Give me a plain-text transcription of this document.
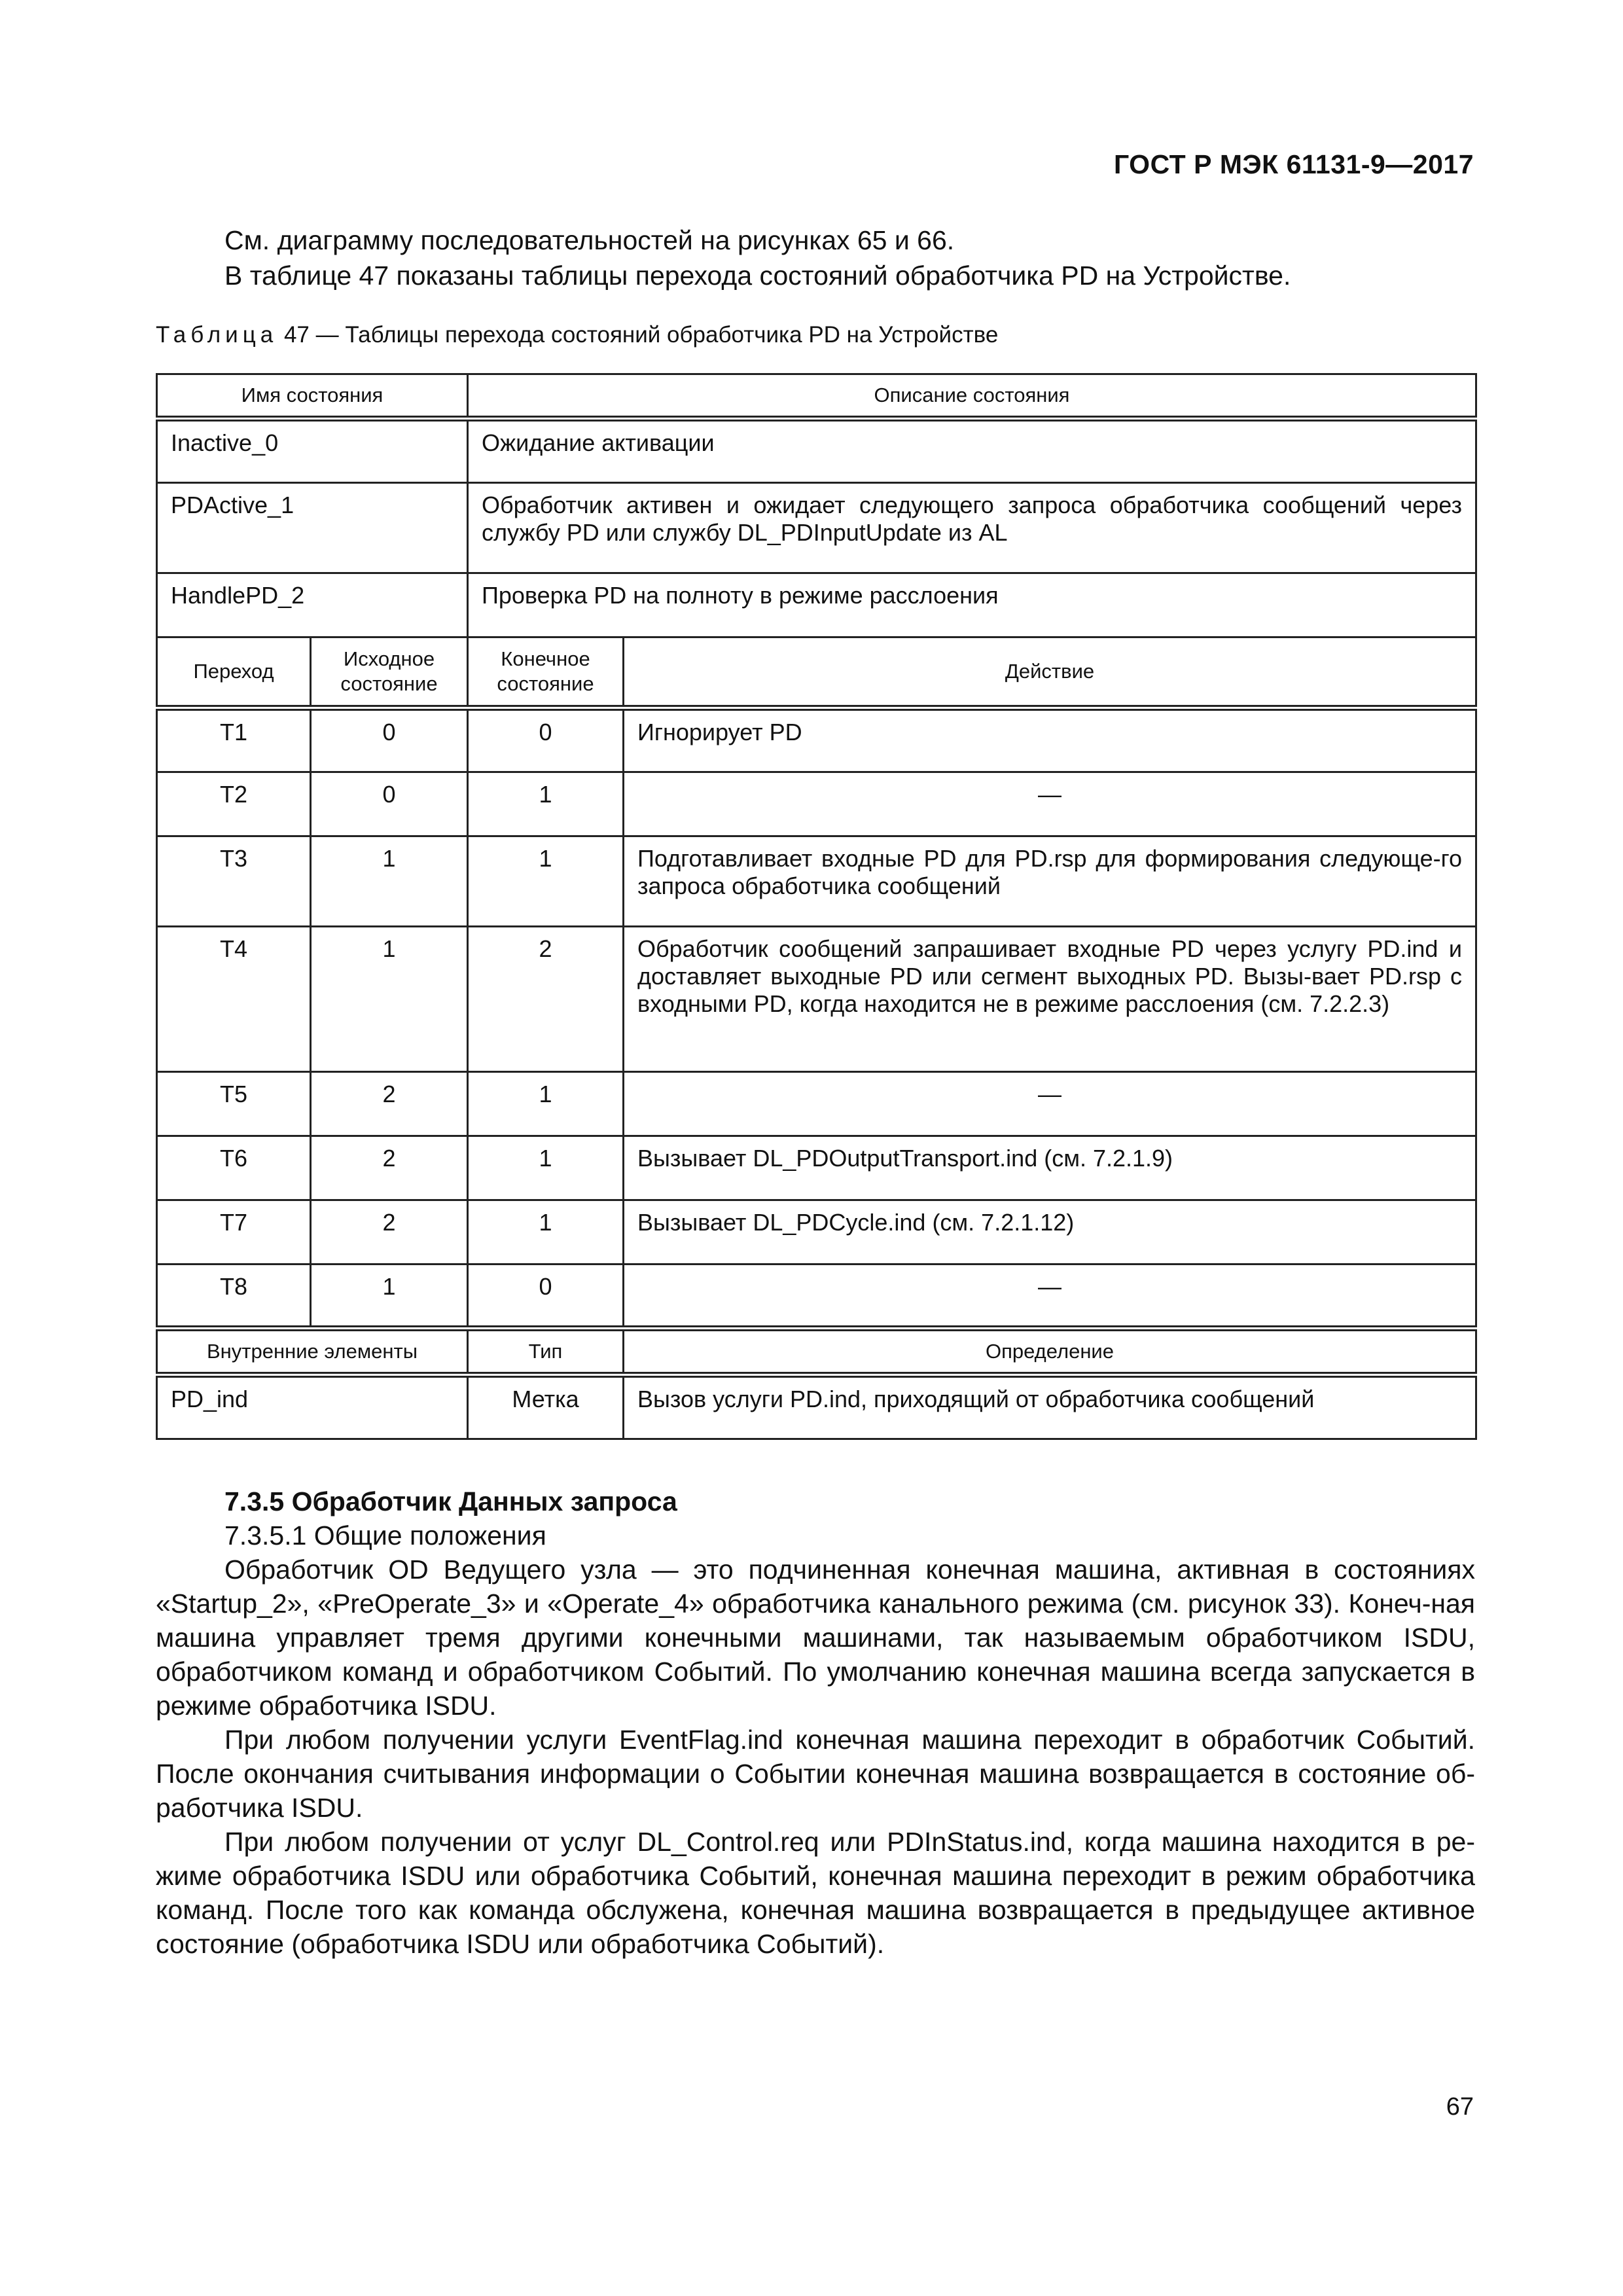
ГОСТ Р МЭК 61131-9—2017
См. диаграмму последовательностей на рисунках 65 и 66.
В таблице 47 показаны таблицы перехода состояний обработчика PD на Устройстве.
Таблица 47 — Таблицы перехода состояний обработчика PD на Устройстве
Имя состояния		Описание состояния	
Inactive_0		Ожидание активации	
PDActive_1		Обработчик активен и ожидает следующего запроса обработчика сообщений через службу PD или службу DL_PDInputUpdate из AL	
HandlePD_2		Проверка PD на полноту в режиме расслоения	
Переход	Исходное состояние	Конечное состояние	Действие
T1	0	0	Игнорирует PD
T2	0	1	—
T3	1	1	Подготавливает входные PD для PD.rsp для формирования следующе-го запроса обработчика сообщений
T4	1	2	Обработчик сообщений запрашивает входные PD через услугу PD.ind и доставляет выходные PD или сегмент выходных PD. Вызы-вает PD.rsp с входными PD, когда находится не в режиме расслоения (см. 7.2.2.3)
T5	2	1	—
T6	2	1	Вызывает DL_PDOutputTransport.ind (см. 7.2.1.9)
T7	2	1	Вызывает DL_PDCycle.ind (см. 7.2.1.12)
T8	1	0	—
Внутренние элементы		Тип	Определение
PD_ind		Метка	Вызов услуги PD.ind, приходящий от обработчика сообщений

7.3.5 Обработчик Данных запроса

7.3.5.1 Общие положения

Обработчик OD Ведущего узла — это подчиненная конечная машина, активная в состояниях «Startup_2», «PreOperate_3» и «Operate_4» обработчика канального режима (см. рисунок 33). Конеч-ная машина управляет тремя другими конечными машинами, так называемым обработчиком ISDU, обработчиком команд и обработчиком Событий. По умолчанию конечная машина всегда запускается в режиме обработчика ISDU.

При любом получении услуги EventFlag.ind конечная машина переходит в обработчик Событий. После окончания считывания информации о Событии конечная машина возвращается в состояние об-работчика ISDU.

При любом получении от услуг DL_Control.req или PDInStatus.ind, когда машина находится в ре-жиме обработчика ISDU или обработчика Событий, конечная машина переходит в режим обработчика команд. После того как команда обслужена, конечная машина возвращается в предыдущее активное состояние (обработчика ISDU или обработчика Событий).

67
